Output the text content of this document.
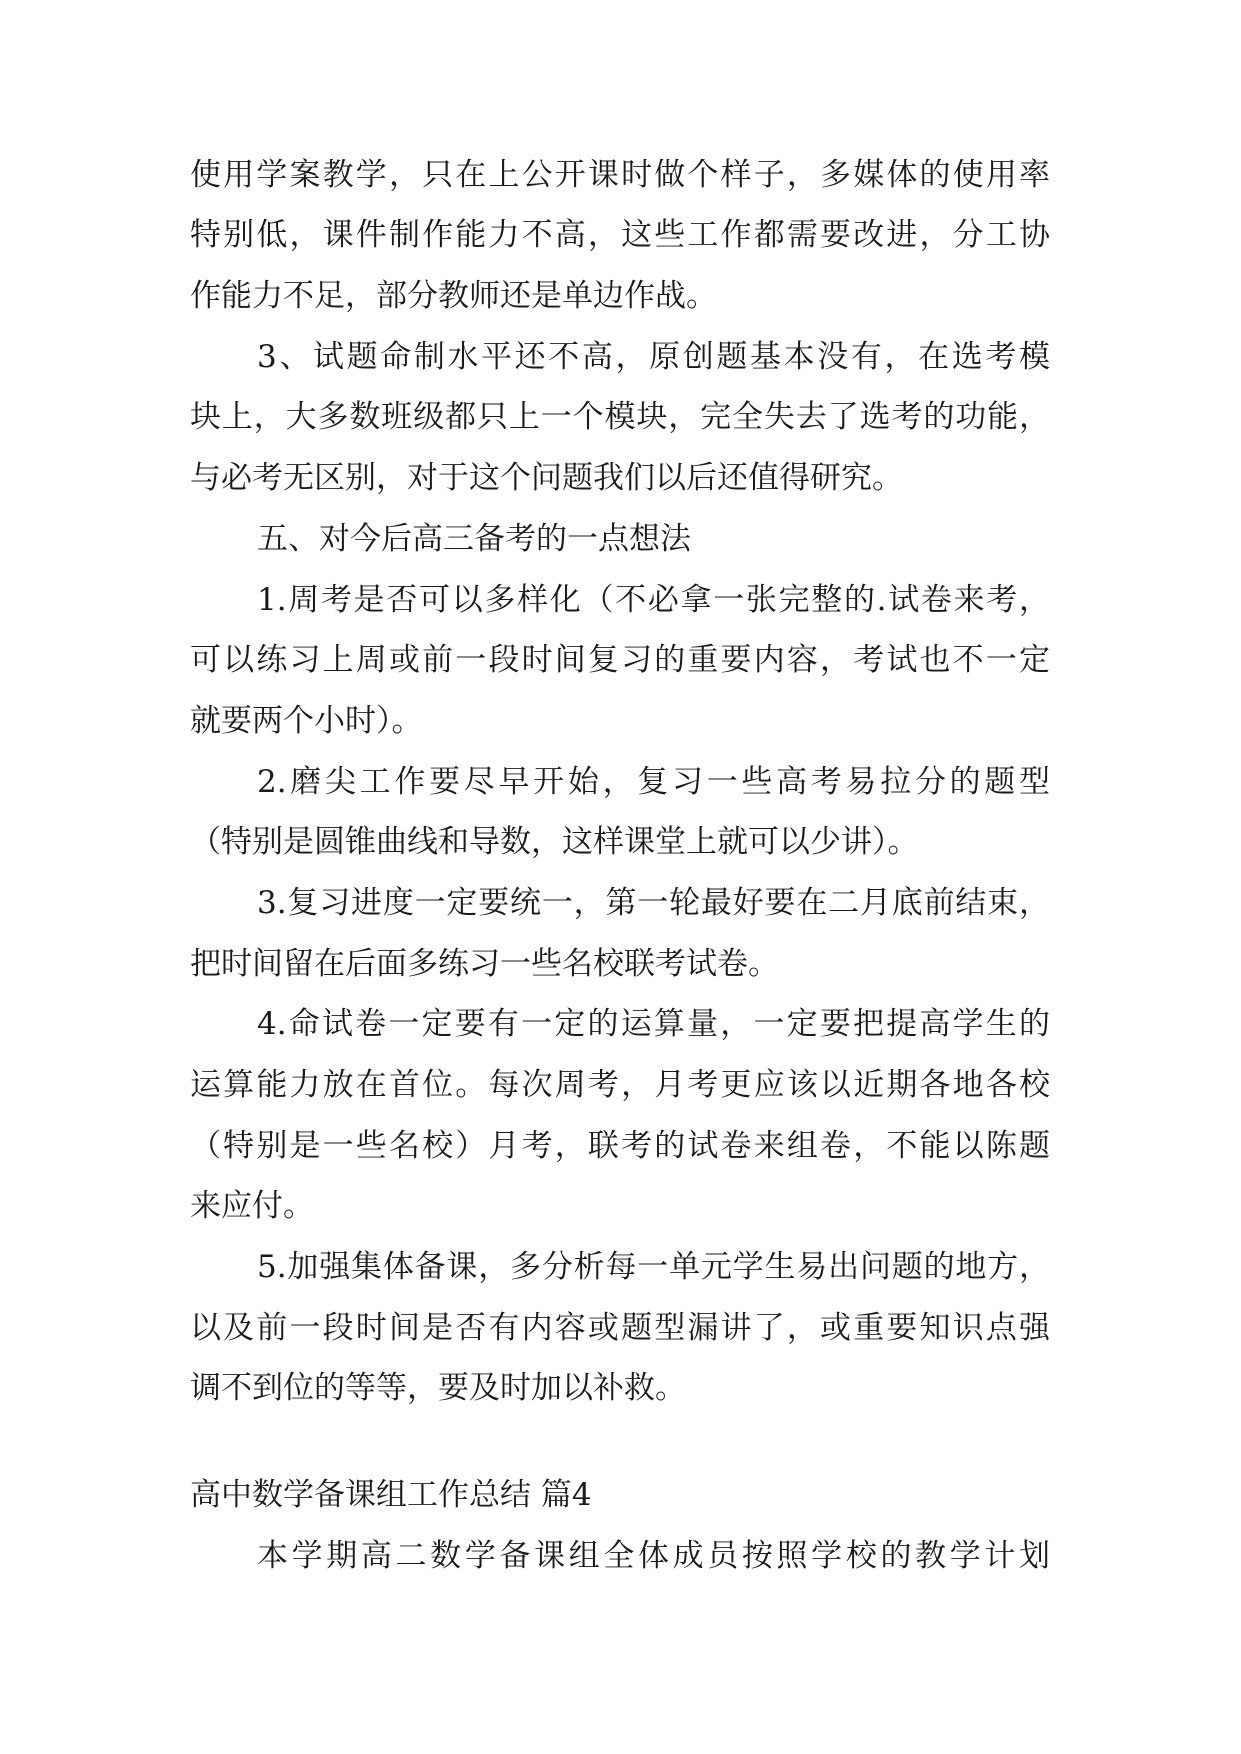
使用学案教学，只在上公开课时做个样子，多媒体的使用率
特别低，课件制作能力不高，这些工作都需要改进，分工协
作能力不足，部分教师还是单边作战。
3、试题命制水平还不高，原创题基本没有，在选考模
块上，大多数班级都只上一个模块，完全失去了选考的功能，
与必考无区别，对于这个问题我们以后还值得研究。
五、对今后高三备考的一点想法
1.周考是否可以多样化（不必拿一张完整的.试卷来考，
可以练习上周或前一段时间复习的重要内容，考试也不一定
就要两个小时）。
2.磨尖工作要尽早开始，复习一些高考易拉分的题型
（特别是圆锥曲线和导数，这样课堂上就可以少讲）。
3.复习进度一定要统一，第一轮最好要在二月底前结束，
把时间留在后面多练习一些名校联考试卷。
4.命试卷一定要有一定的运算量，一定要把提高学生的
运算能力放在首位。每次周考，月考更应该以近期各地各校
（特别是一些名校）月考，联考的试卷来组卷，不能以陈题
来应付。
5.加强集体备课，多分析每一单元学生易出问题的地方，
以及前一段时间是否有内容或题型漏讲了，或重要知识点强
调不到位的等等，要及时加以补救。
高中数学备课组工作总结 篇4
本学期高二数学备课组全体成员按照学校的教学计划
